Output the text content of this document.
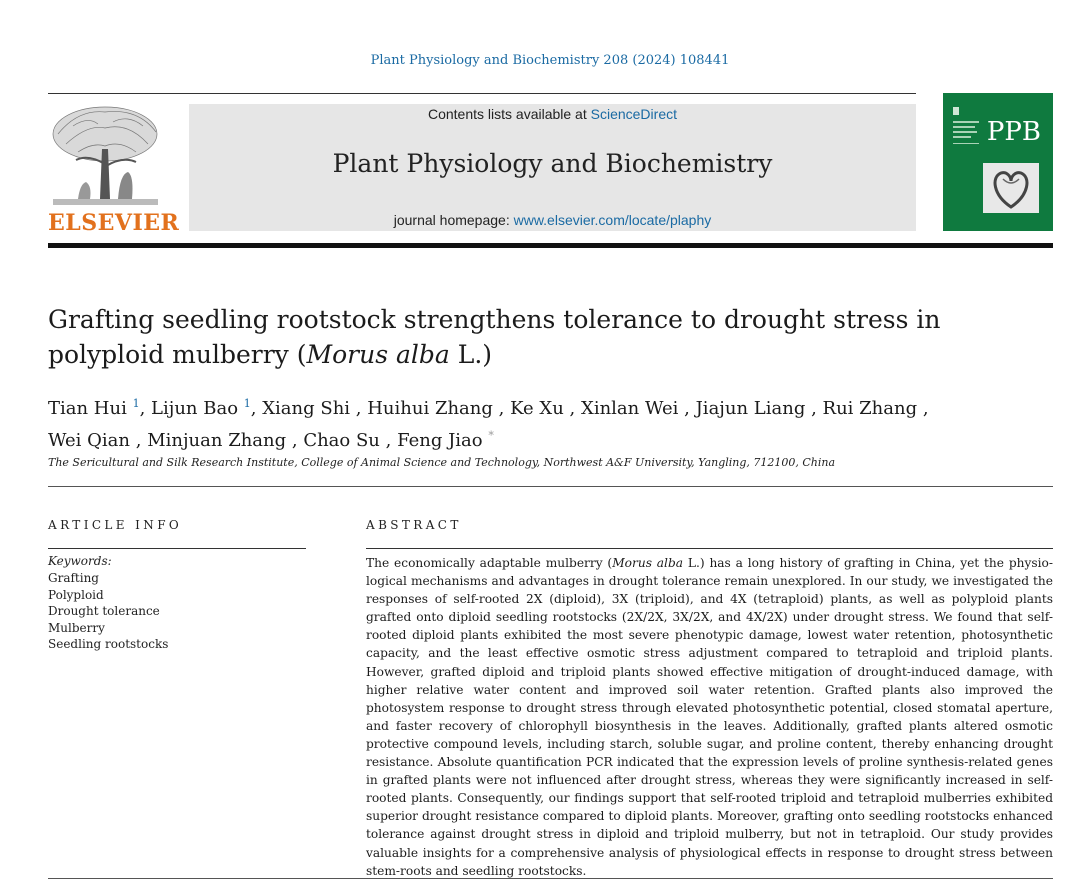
Plant Physiology and Biochemistry 208 (2024) 108441
ELSEVIER
Contents lists available at ScienceDirect
Plant Physiology and Biochemistry
journal homepage: www.elsevier.com/locate/plaphy
PPB
Grafting seedling rootstock strengthens tolerance to drought stress in
polyploid mulberry (Morus alba L.)
Tian Hui $^1$, Lijun Bao $^1$, Xiang Shi , Huihui Zhang , Ke Xu , Xinlan Wei , Jiajun Liang , Rui Zhang ,
Wei Qian , Minjuan Zhang , Chao Su , Feng Jiao *
The Sericultural and Silk Research Institute, College of Animal Science and Technology, Northwest A&F University, Yangling, 712100, China
ARTICLE INFO
Keywords:
Grafting
Polyploid
Drought tolerance
Mulberry
Seedling rootstocks
ABSTRACT
The economically adaptable mulberry (Morus alba L.) has a long history of grafting in China, yet the physiological mechanisms and advantages in drought tolerance remain unexplored. In our study, we investigated the responses of self-rooted 2X (diploid), 3X (triploid), and 4X (tetraploid) plants, as well as polyploid plants grafted onto diploid seedling rootstocks (2X/2X, 3X/2X, and 4X/2X) under drought stress. We found that self-rooted diploid plants exhibited the most severe phenotypic damage, lowest water retention, photosynthetic capacity, and the least effective osmotic stress adjustment compared to tetraploid and triploid plants. However, grafted diploid and triploid plants showed effective mitigation of drought-induced damage, with higher relative water content and improved soil water retention. Grafted plants also improved the photosystem response to drought stress through elevated photosynthetic potential, closed stomatal aperture, and faster recovery of chlorophyll biosynthesis in the leaves. Additionally, grafted plants altered osmotic protective compound levels, including starch, soluble sugar, and proline content, thereby enhancing drought resistance. Absolute quantification PCR indicated that the expression levels of proline synthesis-related genes in grafted plants were not influenced after drought stress, whereas they were significantly increased in self-rooted plants. Consequently, our findings support that self-rooted triploid and tetraploid mulberries exhibited superior drought resistance compared to diploid plants. Moreover, grafting onto seedling rootstocks enhanced tolerance against drought stress in diploid and triploid mulberry, but not in tetraploid. Our study provides valuable insights for a comprehensive analysis of physiological effects in response to drought stress between stem-roots and seedling rootstocks.
